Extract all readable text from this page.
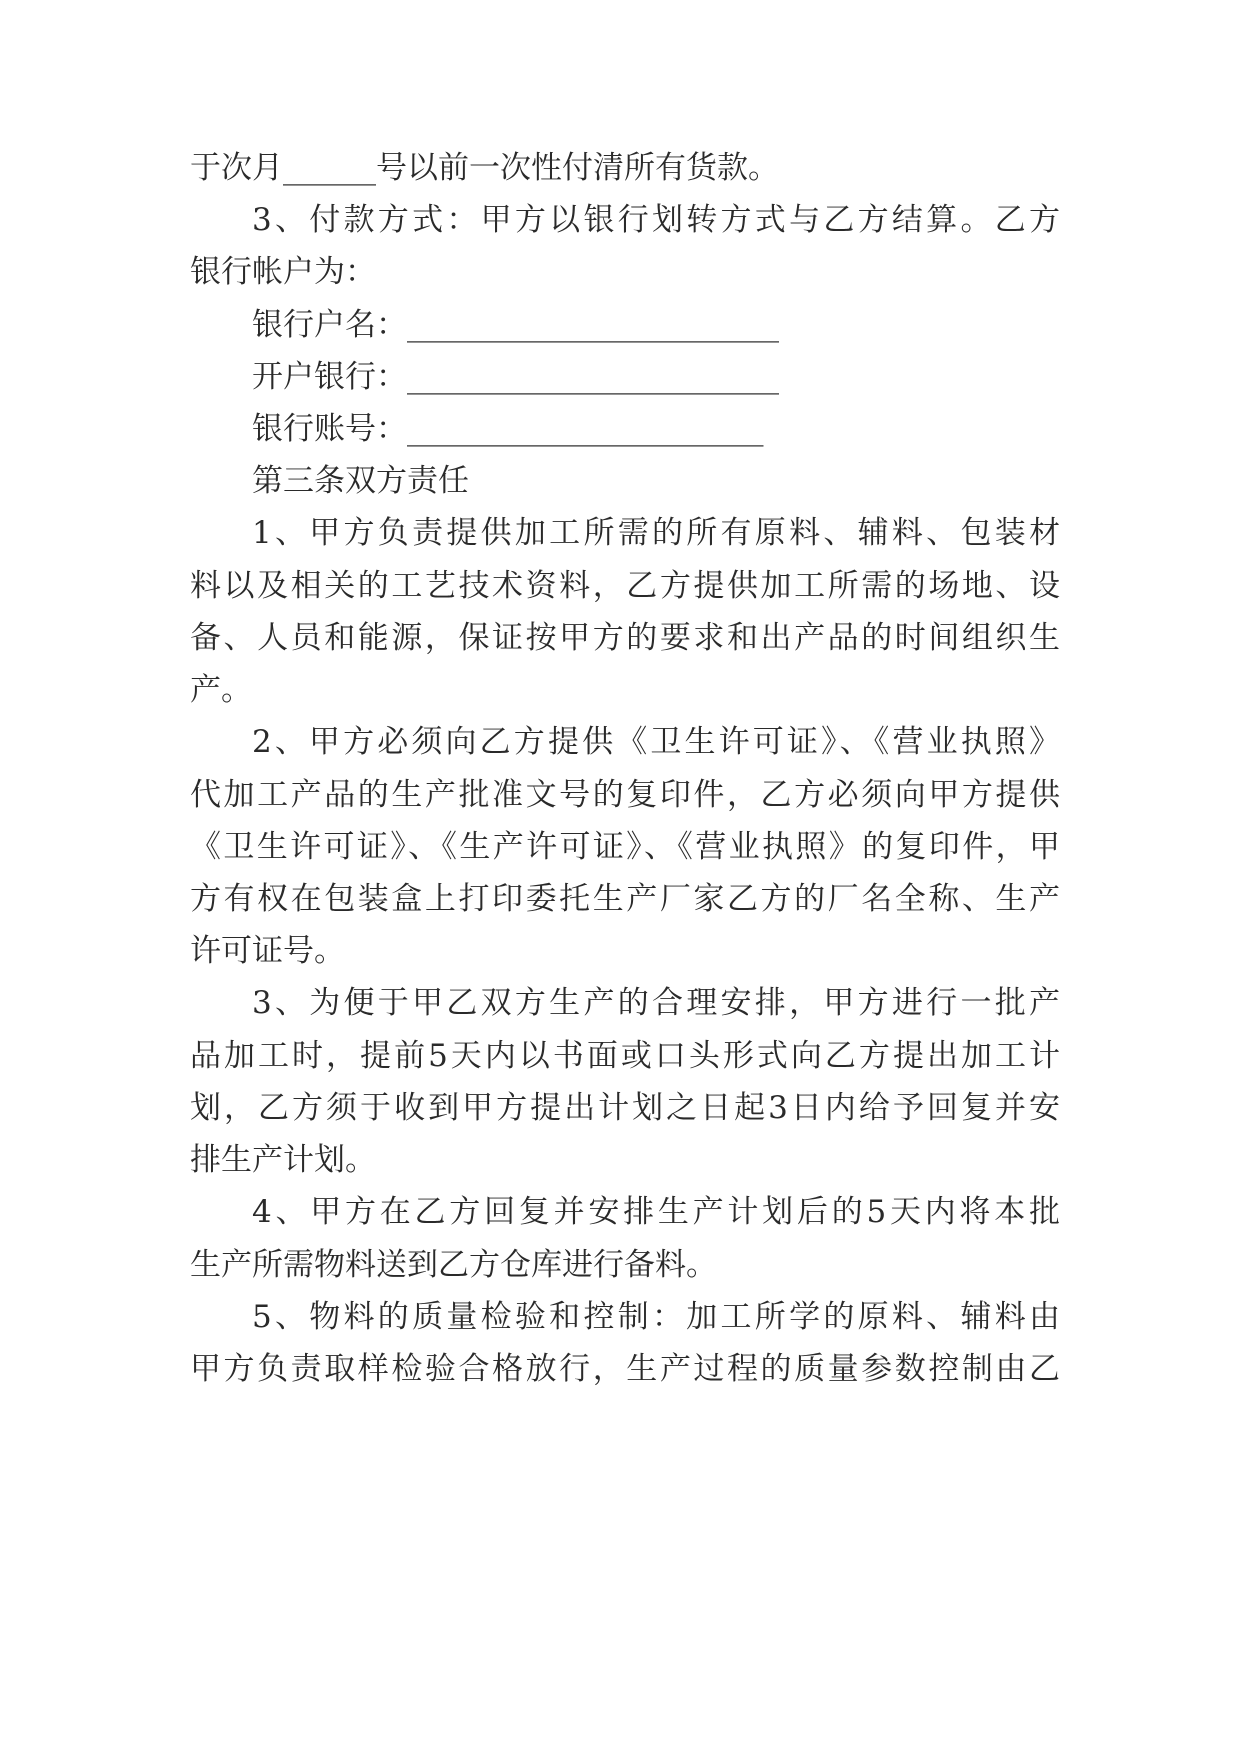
于次月______号以前一次性付清所有货款。
3、付款方式：甲方以银行划转方式与乙方结算。乙方
银行帐户为：
银行户名：________________________
开户银行：________________________
银行账号：_______________________
第三条双方责任
1、甲方负责提供加工所需的所有原料、辅料、包装材
料以及相关的工艺技术资料，乙方提供加工所需的场地、设
备、人员和能源，保证按甲方的要求和出产品的时间组织生
产。
2、甲方必须向乙方提供《卫生许可证》、《营业执照》
代加工产品的生产批准文号的复印件，乙方必须向甲方提供
《卫生许可证》、《生产许可证》、《营业执照》的复印件，甲
方有权在包装盒上打印委托生产厂家乙方的厂名全称、生产
许可证号。
3、为便于甲乙双方生产的合理安排，甲方进行一批产
品加工时，提前5天内以书面或口头形式向乙方提出加工计
划，乙方须于收到甲方提出计划之日起3日内给予回复并安
排生产计划。
4、甲方在乙方回复并安排生产计划后的5天内将本批
生产所需物料送到乙方仓库进行备料。
5、物料的质量检验和控制：加工所学的原料、辅料由
甲方负责取样检验合格放行，生产过程的质量参数控制由乙
